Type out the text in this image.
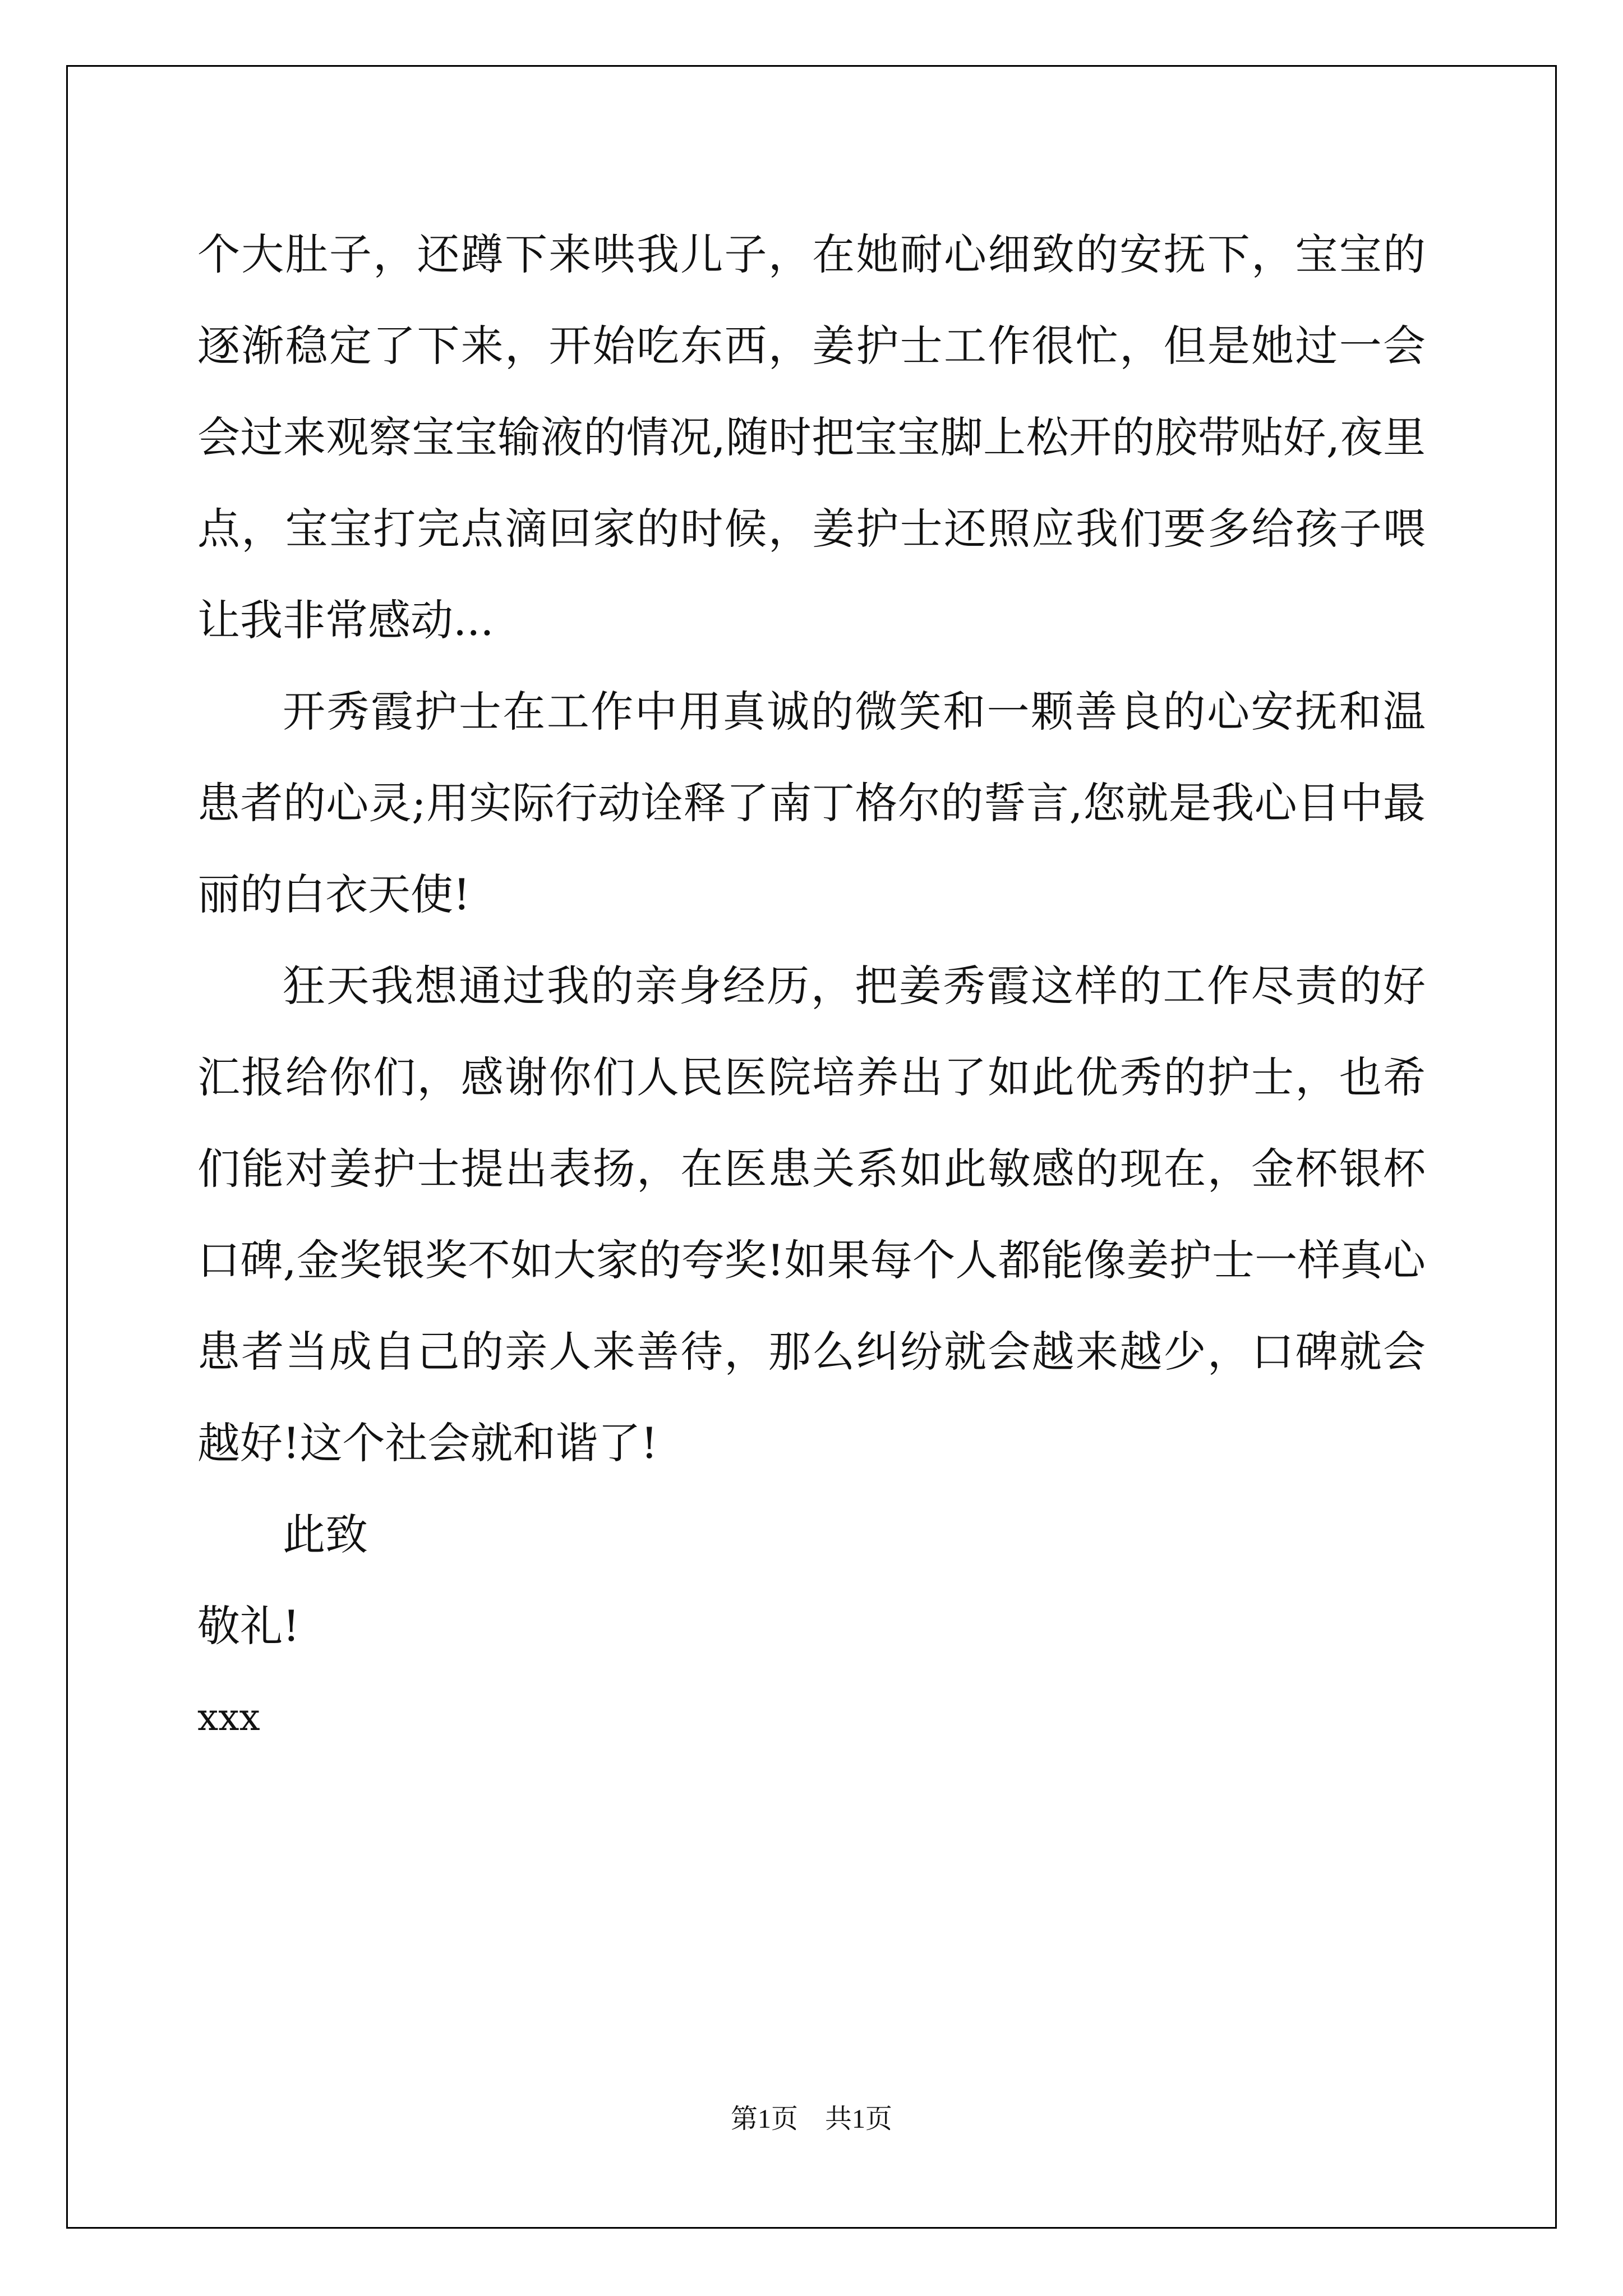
个大肚子，还蹲下来哄我儿子，在她耐心细致的安抚下，宝宝的
逐渐稳定了下来，开始吃东西，姜护士工作很忙，但是她过一会
会过来观察宝宝输液的情况,随时把宝宝脚上松开的胶带贴好,夜里
点，宝宝打完点滴回家的时候，姜护士还照应我们要多给孩子喂
让我非常感动...
开秀霞护士在工作中用真诚的微笑和一颗善良的心安抚和温
患者的心灵;用实际行动诠释了南丁格尔的誓言,您就是我心目中最
丽的白衣天使!
狂天我想通过我的亲身经历，把姜秀霞这样的工作尽责的好
汇报给你们，感谢你们人民医院培养出了如此优秀的护士，也希
们能对姜护士提出表扬，在医患关系如此敏感的现在，金杯银杯
口碑,金奖银奖不如大家的夸奖!如果每个人都能像姜护士一样真心
患者当成自己的亲人来善待，那么纠纷就会越来越少，口碑就会
越好!这个社会就和谐了!
此致
敬礼!
xxx
第1页 共1页
